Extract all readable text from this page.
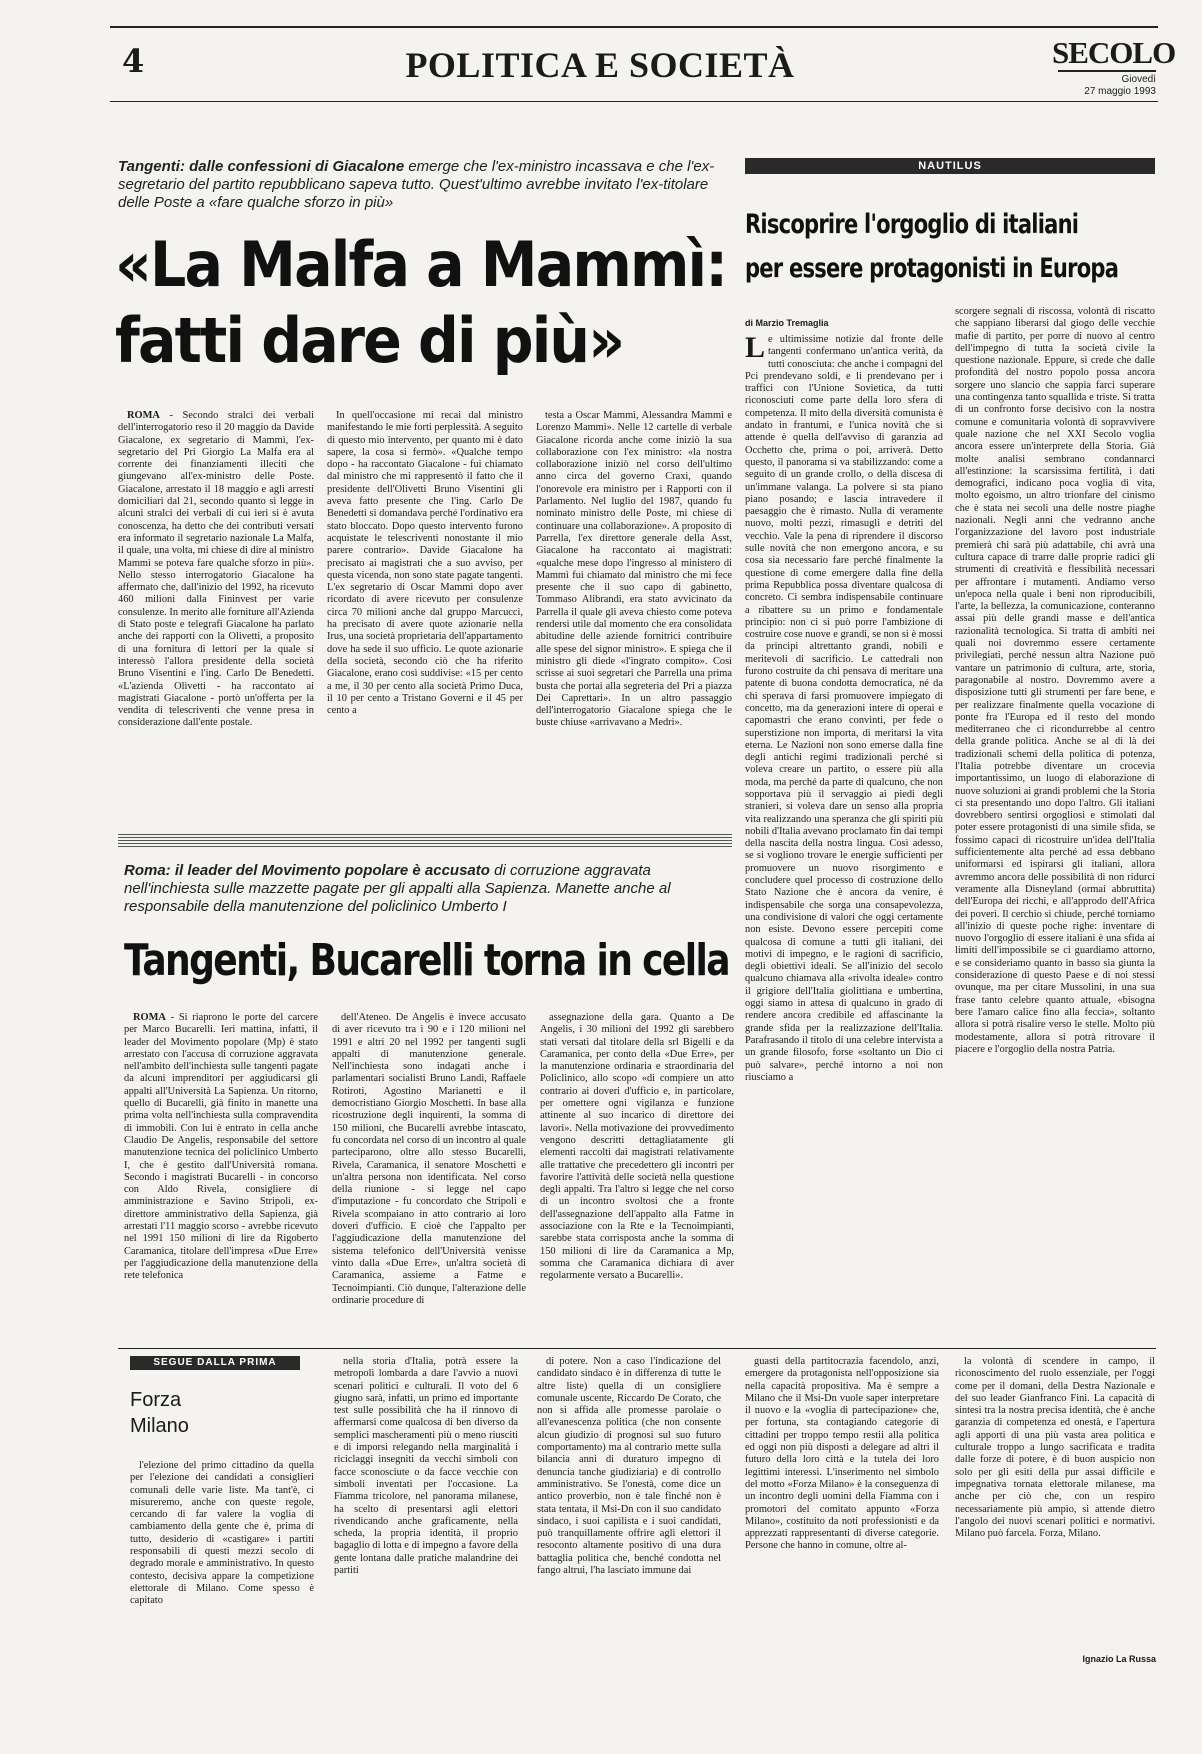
4	POLITICA E SOCIETÀ	SECOLO
Giovedì
27 maggio 1993
Tangenti: dalle confessioni di Giacalone emerge che l'ex-ministro incassava e che l'ex-segretario del partito repubblicano sapeva tutto. Quest'ultimo avrebbe invitato l'ex-titolare delle Poste a «fare qualche sforzo in più»
«La Malfa a Mammì:
fatti dare di più»

ROMA - Secondo stralci dei verbali dell'interrogatorio reso il 20 maggio da Davide Giacalone, ex segretario di Mammì, l'ex-segretario del Pri Giorgio La Malfa era al corrente dei finanziamenti illeciti che giungevano all'ex-ministro delle Poste. Giacalone, arrestato il 18 maggio e agli arresti domiciliari dal 21, secondo quanto si legge in alcuni stralci dei verbali di cui ieri si è avuta conoscenza, ha detto che dei contributi versati era informato il segretario nazionale La Malfa, il quale, una volta, mi chiese di dire al ministro Mammì se poteva fare qualche sforzo in più». Nello stesso interrogatorio Giacalone ha affermato che, dall'inizio del 1992, ha ricevuto 460 milioni dalla Fininvest per varie consulenze. In merito alle forniture all'Azienda di Stato poste e telegrafi Giacalone ha parlato anche dei rapporti con la Olivetti, a proposito di una fornitura di lettori per la quale si interessò l'allora presidente della società Bruno Visentini e l'ing. Carlo De Benedetti. «L'azienda Olivetti - ha raccontato ai magistrati Giacalone - portò un'offerta per la vendita di telescriventi che venne presa in considerazione dall'ente postale.

In quell'occasione mi recai dal ministro manifestando le mie forti perplessità. A seguito di questo mio intervento, per quanto mi è dato sapere, la cosa si fermò». «Qualche tempo dopo - ha raccontato Giacalone - fui chiamato dal ministro che mi rappresentò il fatto che il presidente dell'Olivetti Bruno Visentini gli aveva fatto presente che l'ing. Carlo De Benedetti si domandava perché l'ordinativo era stato bloccato. Dopo questo intervento furono acquistate le telescriventi nonostante il mio parere contrario». Davide Giacalone ha precisato ai magistrati che a suo avviso, per questa vicenda, non sono state pagate tangenti. L'ex segretario di Oscar Mammì dopo aver ricordato di avere ricevuto per consulenze circa 70 milioni anche dal gruppo Marcucci, ha precisato di avere quote azionarie nella Irus, una società proprietaria dell'appartamento dove ha sede il suo ufficio. Le quote azionarie della società, secondo ciò che ha riferito Giacalone, erano così suddivise: «15 per cento a me, il 30 per cento alla società Primo Duca, il 10 per cento a Tristano Governi e il 45 per cento a

testa a Oscar Mammì, Alessandra Mammì e Lorenzo Mammì». Nelle 12 cartelle di verbale Giacalone ricorda anche come iniziò la sua collaborazione con l'ex ministro: «la nostra collaborazione iniziò nel corso dell'ultimo anno circa del governo Craxi, quando l'onorevole era ministro per i Rapporti con il Parlamento. Nel luglio del 1987, quando fu nominato ministro delle Poste, mi chiese di continuare una collaborazione». A proposito di Parrella, l'ex direttore generale della Asst, Giacalone ha raccontato ai magistrati: «qualche mese dopo l'ingresso al ministero di Mammì fui chiamato dal ministro che mi fece presente che il suo capo di gabinetto, Tommaso Alibrandi, era stato avvicinato da Parrella il quale gli aveva chiesto come poteva rendersi utile dal momento che era consolidata abitudine delle aziende fornitrici contribuire alle spese del signor ministro». E spiega che il ministro gli diede «l'ingrato compito». Così scrisse ai suoi segretari che Parrella una prima busta che portai alla segreteria del Pri a piazza Dei Caprettari». In un altro passaggio dell'interrogatorio Giacalone spiega che le buste chiuse «arrivavano a Medri».

Roma: il leader del Movimento popolare è accusato di corruzione aggravata nell'inchiesta sulle mazzette pagate per gli appalti alla Sapienza. Manette anche al responsabile della manutenzione del policlinico Umberto I
Tangenti, Bucarelli torna in cella

ROMA - Si riaprono le porte del carcere per Marco Bucarelli. Ieri mattina, infatti, il leader del Movimento popolare (Mp) è stato arrestato con l'accusa di corruzione aggravata nell'ambito dell'inchiesta sulle tangenti pagate da alcuni imprenditori per aggiudicarsi gli appalti all'Università La Sapienza. Un ritorno, quello di Bucarelli, già finito in manette una prima volta nell'inchiesta sulla compravendita di immobili. Con lui è entrato in cella anche Claudio De Angelis, responsabile del settore manutenzione tecnica del policlinico Umberto I, che è gestito dall'Università romana. Secondo i magistrati Bucarelli - in concorso con Aldo Rivela, consigliere di amministrazione e Savino Stripoli, ex-direttore amministrativo della Sapienza, già arrestati l'11 maggio scorso - avrebbe ricevuto nel 1991 150 milioni di lire da Rigoberto Caramanica, titolare dell'impresa «Due Erre» per l'aggiudicazione della manutenzione della rete telefonica

dell'Ateneo. De Angelis è invece accusato di aver ricevuto tra i 90 e i 120 milioni nel 1991 e altri 20 nel 1992 per tangenti sugli appalti di manutenzione generale. Nell'inchiesta sono indagati anche i parlamentari socialisti Bruno Landi, Raffaele Rotiroti, Agostino Marianetti e il democristiano Giorgio Moschetti. In base alla ricostruzione degli inquirenti, la somma di 150 milioni, che Bucarelli avrebbe intascato, fu concordata nel corso di un incontro al quale parteciparono, oltre allo stesso Bucarelli, Rivela, Caramanica, il senatore Moschetti e un'altra persona non identificata. Nel corso della riunione - si legge nel capo d'imputazione - fu concordato che Stripoli e Rivela scompaiano in atto contrario ai loro doveri d'ufficio. E cioè che l'appalto per l'aggiudicazione della manutenzione del sistema telefonico dell'Università venisse vinto dalla «Due Erre», un'altra società di Caramanica, assieme a Fatme e Tecnoimpianti. Ciò dunque, l'alterazione delle ordinarie procedure di

assegnazione della gara. Quanto a De Angelis, i 30 milioni del 1992 gli sarebbero stati versati dal titolare della srl Bigelli e da Caramanica, per conto della «Due Erre», per la manutenzione ordinaria e straordinaria del Policlinico, allo scopo «di compiere un atto contrario ai doveri d'ufficio e, in particolare, per omettere ogni vigilanza e funzione attinente al suo incarico di direttore dei lavori». Nella motivazione dei provvedimento vengono descritti dettagliatamente gli elementi raccolti dai magistrati relativamente alle trattative che precedettero gli incontri per favorire l'attività delle società nella questione degli appalti. Tra l'altro si legge che nel corso di un incontro svoltosi che a fronte dell'assegnazione dell'appalto alla Fatme in associazione con la Rte e la Tecnoimpianti, sarebbe stata corrisposta anche la somma di 150 milioni di lire da Caramanica a Mp, somma che Caramanica dichiara di aver regolarmente versato a Bucarelli».

NAUTILUS
Riscoprire l'orgoglio di italiani
per essere protagonisti in Europa
di Marzio Tremaglia

Le ultimissime notizie dal fronte delle tangenti confermano un'antica verità, da tutti conosciuta: che anche i compagni del Pci prendevano soldi, e li prendevano per i traffici con l'Unione Sovietica, da tutti riconosciuti come parte della loro sfera di competenza. Il mito della diversità comunista è andato in frantumi, e l'unica novità che si attende è quella dell'avviso di garanzia ad Occhetto che, prima o poi, arriverà. Detto questo, il panorama si va stabilizzando: come a seguito di un grande crollo, o della discesa di un'immane valanga. La polvere si sta piano piano posando; e lascia intravedere il paesaggio che è rimasto. Nulla di veramente nuovo, molti pezzi, rimasugli e detriti del vecchio. Vale la pena di riprendere il discorso sulle novità che non emergono ancora, e su cosa sia necessario fare perché finalmente la questione di come emergere dalla fine della prima Repubblica possa diventare qualcosa di concreto. Ci sembra indispensabile continuare a ribattere su un primo e fondamentale principio: non ci si può porre l'ambizione di costruire cose nuove e grandi, se non si è mossi da principi altrettanto grandi, nobili e meritevoli di sacrificio. Le cattedrali non furono costruite da chi pensava di meritare una patente di buona condotta democratica, né da chi sperava di farsi promuovere impiegato di concetto, ma da generazioni intere di operai e capomastri che erano convinti, per fede o superstizione non importa, di meritarsi la vita eterna. Le Nazioni non sono emerse dalla fine degli antichi regimi tradizionali perché si voleva creare un partito, o essere più alla moda, ma perché da parte di qualcuno, che non sopportava più il servaggio ai piedi degli stranieri, si voleva dare un senso alla propria vita realizzando una speranza che gli spiriti più nobili d'Italia avevano proclamato fin dai tempi della nascita della nostra lingua. Così adesso, se si vogliono trovare le energie sufficienti per promuovere un nuovo risorgimento e concludere quel processo di costruzione dello Stato Nazione che è ancora da venire, è indispensabile che sorga una consapevolezza, una condivisione di valori che oggi certamente non esiste. Devono essere percepiti come qualcosa di comune a tutti gli italiani, dei motivi di impegno, e le ragioni di sacrificio, degli obiettivi ideali. Se all'inizio del secolo qualcuno chiamava alla «rivolta ideale» contro il grigiore dell'Italia giolittiana e umbertina, oggi siamo in attesa di qualcuno in grado di rendere ancora credibile ed affascinante la grande sfida per la realizzazione dell'Italia. Parafrasando il titolo di una celebre intervista a un grande filosofo, forse «soltanto un Dio ci può salvare», perché intorno a noi non riusciamo a

scorgere segnali di riscossa, volontà di riscatto che sappiano liberarsi dal giogo delle vecchie mafie di partito, per porre di nuovo al centro dell'impegno di tutta la società civile la questione nazionale. Eppure, si crede che dalle profondità del nostro popolo possa ancora sorgere uno slancio che sappia farci superare una contingenza tanto squallida e triste. Si tratta di un confronto forse decisivo con la nostra comune e comunitaria volontà di sopravvivere quale nazione che nel XXI Secolo voglia ancora essere un'interprete della Storia. Già molte analisi sembrano condannarci all'estinzione: la scarsissima fertilità, i dati demografici, indicano poca voglia di vita, molto egoismo, un altro trionfare del cinismo che è stata nei secoli una delle nostre piaghe nazionali. Negli anni che vedranno anche l'organizzazione del lavoro post industriale premierà chi sarà più adattabile, chi avrà una cultura capace di trarre dalle proprie radici gli strumenti di creatività e flessibilità necessari per affrontare i mutamenti. Andiamo verso un'epoca nella quale i beni non riproducibili, l'arte, la bellezza, la comunicazione, conteranno assai più delle grandi masse e dell'antica razionalità tecnologica. Si tratta di ambiti nei quali noi dovremmo essere certamente privilegiati, perché nessun altra Nazione può vantare un patrimonio di cultura, arte, storia, paragonabile al nostro. Dovremmo avere a disposizione tutti gli strumenti per fare bene, e per realizzare finalmente quella vocazione di ponte fra l'Europa ed il resto del mondo mediterraneo che ci ricondurrebbe al centro della grande politica. Anche se al di là dei tradizionali schemi della politica di potenza, l'Italia potrebbe diventare un crocevia importantissimo, un luogo di elaborazione di nuove soluzioni ai grandi problemi che la Storia ci sta presentando uno dopo l'altro. Gli italiani dovrebbero sentirsi orgogliosi e stimolati dal poter essere protagonisti di una simile sfida, se fossimo capaci di ricostruire un'idea dell'Italia sufficientemente alta perché ad essa debbano uniformarsi ed ispirarsi gli italiani, allora avremmo ancora delle possibilità di non ridurci veramente alla Disneyland (ormai abbruttita) dell'Europa dei ricchi, e all'approdo dell'Africa dei poveri. Il cerchio si chiude, perché torniamo all'inizio di queste poche righe: inventare di nuovo l'orgoglio di essere italiani è una sfida ai limiti dell'impossibile se ci guardiamo attorno, e se consideriamo quanto in basso sia giunta la considerazione di questo Paese e di noi stessi ovunque, ma per citare Mussolini, in una sua frase tanto celebre quanto attuale, «bisogna bere l'amaro calice fino alla feccia», soltanto allora si potrà risalire verso le stelle. Molto più modestamente, allora si potrà ritrovare il piacere e l'orgoglio della nostra Patria.

SEGUE DALLA PRIMA
Forza
Milano

l'elezione del primo cittadino da quella per l'elezione dei candidati a consiglieri comunali delle varie liste. Ma tant'è, ci misureremo, anche con queste regole, cercando di far valere la voglia di cambiamento della gente che è, prima di tutto, desiderio di «castigare» i partiti responsabili di questi mezzi secolo di degrado morale e amministrativo. In questo contesto, decisiva appare la competizione elettorale di Milano. Come spesso è capitato

nella storia d'Italia, potrà essere la metropoli lombarda a dare l'avvio a nuovi scenari politici e culturali. Il voto del 6 giugno sarà, infatti, un primo ed importante test sulle possibilità che ha il rinnovo di affermarsi come qualcosa di ben diverso da semplici mascheramenti più o meno riusciti e di imporsi relegando nella marginalità i riciclaggi insegniti da vecchi simboli con facce sconosciute o da facce vecchie con simboli inventati per l'occasione. La Fiamma tricolore, nel panorama milanese, ha scelto di presentarsi agli elettori rivendicando anche graficamente, nella scheda, la propria identità, il proprio bagaglio di lotta e di impegno a favore della gente lontana dalle pratiche malandrine dei partiti

di potere. Non a caso l'indicazione del candidato sindaco è in differenza di tutte le altre liste) quella di un consigliere comunale uscente, Riccardo De Corato, che non si affida alle promesse parolaie o all'evanescenza politica (che non consente alcun giudizio di prognosi sul suo futuro comportamento) ma al contrario mette sulla bilancia anni di duraturo impegno di denuncia tanche giudiziaria) e di controllo amministrativo. Se l'onestà, come dice un antico proverbio, non è tale finché non è stata tentata, il Msi-Dn con il suo candidato sindaco, i suoi capilista e i suoi candidati, può tranquillamente offrire agli elettori il resoconto altamente positivo di una dura battaglia politica che, benché condotta nel fango altrui, l'ha lasciato immune dai

guasti della partitocrazia facendolo, anzi, emergere da protagonista nell'opposizione sia nella capacità propositiva. Ma è sempre a Milano che il Msi-Dn vuole saper interpretare il nuovo e la «voglia di partecipazione» che, per fortuna, sta contagiando categorie di cittadini per troppo tempo restii alla politica ed oggi non più disposti a delegare ad altri il futuro della loro città e la tutela dei loro legittimi interessi. L'inserimento nel simbolo del motto «Forza Milano» è la conseguenza di un incontro degli uomini della Fiamma con i promotori del comitato appunto «Forza Milano», costituito da noti professionisti e da apprezzati rappresentanti di diverse categorie. Persone che hanno in comune, oltre al-

la volontà di scendere in campo, il riconoscimento del ruolo essenziale, per l'oggi come per il domani, della Destra Nazionale e del suo leader Gianfranco Fini. La capacità di sintesi tra la nostra precisa identità, che è anche garanzia di competenza ed onestà, e l'apertura agli apporti di una più vasta area politica e culturale troppo a lungo sacrificata e tradita dalle forze di potere, è di buon auspicio non solo per gli esiti della pur assai difficile e impegnativa tornata elettorale milanese, ma anche per ciò che, con un respiro necessariamente più ampio, si attende dietro l'angolo dei nuovi scenari politici e normativi. Milano può farcela. Forza, Milano.

Ignazio La Russa
